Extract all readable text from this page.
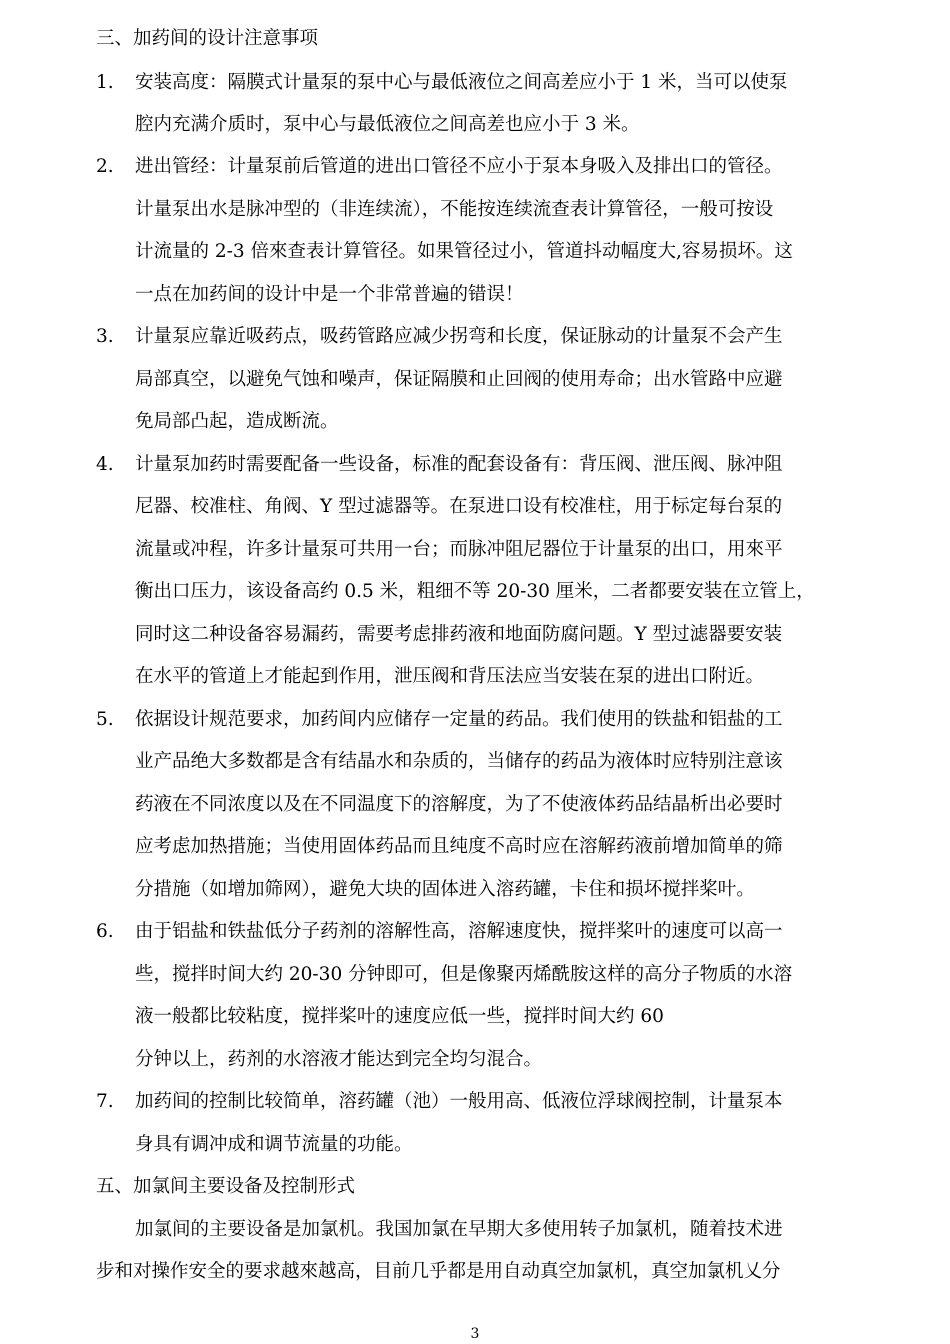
三、加药间的设计注意事项
1. 安装高度：隔膜式计量泵的泵中心与最低液位之间高差应小于 1 米，当可以使泵
腔内充满介质时，泵中心与最低液位之间高差也应小于 3 米。
2. 进出管经：计量泵前后管道的进出口管径不应小于泵本身吸入及排出口的管径。
计量泵出水是脉冲型的（非连续流），不能按连续流查表计算管径，一般可按设
计流量的 2-3 倍來查表计算管径。如果管径过小，管道抖动幅度大,容易损坏。这
一点在加药间的设计中是一个非常普遍的错误！
3. 计量泵应靠近吸药点，吸药管路应减少拐弯和长度，保证脉动的计量泵不会产生
局部真空，以避免气蚀和噪声，保证隔膜和止回阀的使用寿命；出水管路中应避
免局部凸起，造成断流。
4. 计量泵加药时需要配备一些设备，标准的配套设备有：背压阀、泄压阀、脉冲阻
尼器、校准柱、角阀、Y 型过滤器等。在泵进口设有校准柱，用于标定每台泵的
流量或冲程，许多计量泵可共用一台；而脉冲阻尼器位于计量泵的出口，用來平
衡出口压力，该设备高约 0.5 米，粗细不等 20-30 厘米，二者都要安装在立管上，
同时这二种设备容易漏药，需要考虑排药液和地面防腐问题。Y 型过滤器要安装
在水平的管道上才能起到作用，泄压阀和背压法应当安装在泵的进出口附近。
5. 依据设计规范要求，加药间内应储存一定量的药品。我们使用的铁盐和铝盐的工
业产品绝大多数都是含有结晶水和杂质的，当储存的药品为液体时应特别注意该
药液在不同浓度以及在不同温度下的溶解度，为了不使液体药品结晶析出必要时
应考虑加热措施；当使用固体药品而且纯度不高时应在溶解药液前增加简单的筛
分措施（如增加筛网），避免大块的固体进入溶药罐，卡住和损坏搅拌桨叶。
6. 由于铝盐和铁盐低分子药剂的溶解性高，溶解速度快，搅拌桨叶的速度可以高一
些，搅拌时间大约 20-30 分钟即可，但是像聚丙烯酰胺这样的高分子物质的水溶
液一般都比较粘度，搅拌桨叶的速度应低一些，搅拌时间大约 60
分钟以上，药剂的水溶液才能达到完全均匀混合。
7. 加药间的控制比较简单，溶药罐（池）一般用高、低液位浮球阀控制，计量泵本
身具有调冲成和调节流量的功能。
五、加氯间主要设备及控制形式
加氯间的主要设备是加氯机。我国加氯在早期大多使用转子加氯机，随着技术进
步和对操作安全的要求越來越高，目前几乎都是用自动真空加氯机，真空加氯机乂分
3
